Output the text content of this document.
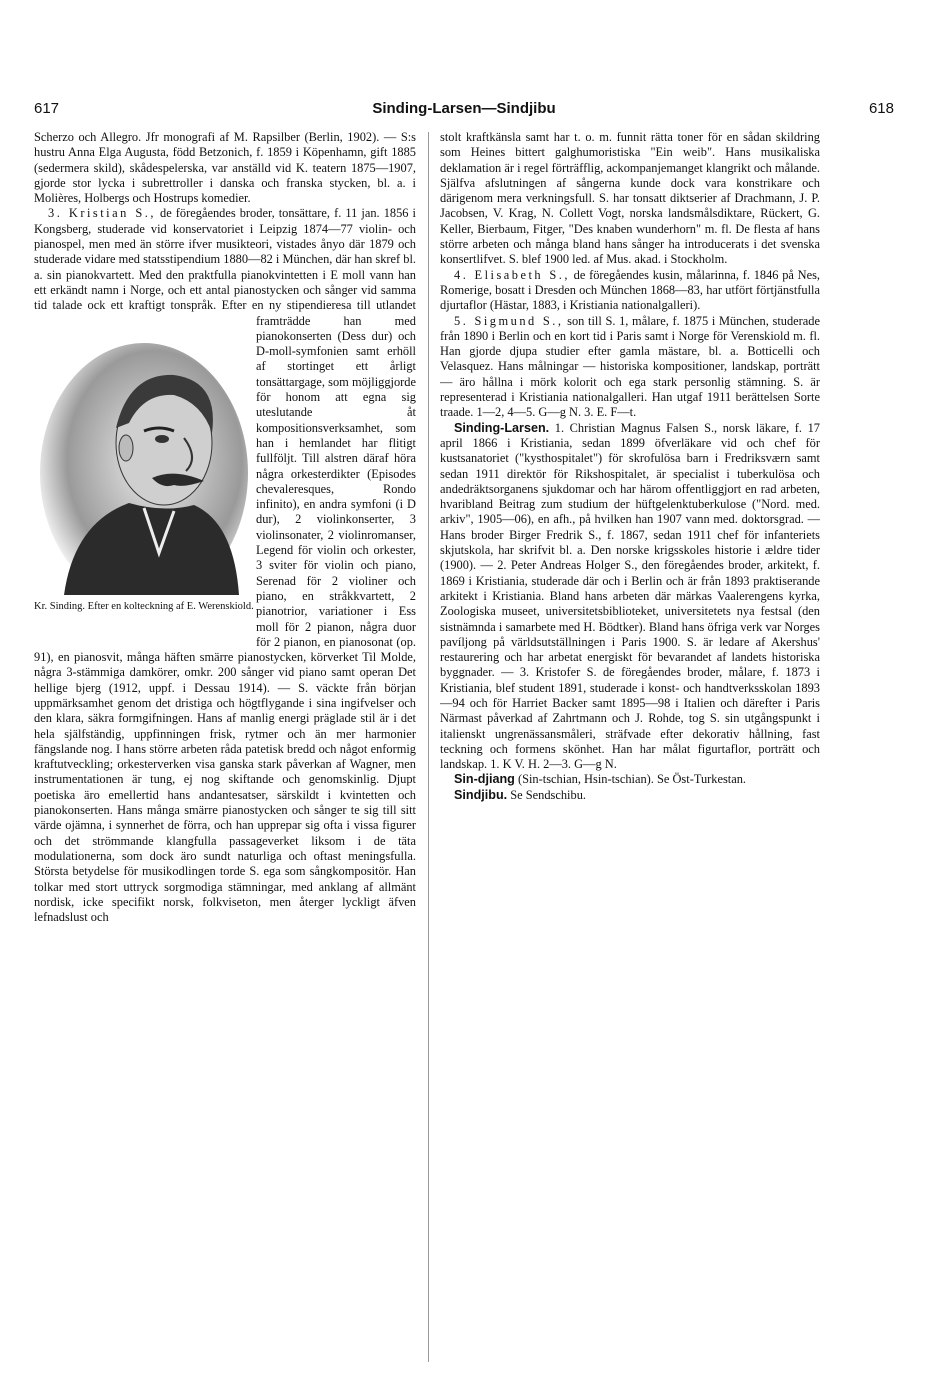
617	Sinding-Larsen—Sindjibu	618

Scherzo och Allegro. Jfr monografi af M. Rapsilber (Berlin, 1902). — S:s hustru Anna Elga Augusta, född Betzonich, f. 1859 i Köpenhamn, gift 1885 (sedermera skild), skådespelerska, var anställd vid K. teatern 1875—1907, gjorde stor lycka i subrettroller i danska och franska stycken, bl. a. i Molières, Holbergs och Hostrups komedier.

3. Kristian S., de föregåendes broder, tonsättare, f. 11 jan. 1856 i Kongsberg, studerade vid konservatoriet i Leipzig 1874—77 violin- och pianospel, men med än större ifver musikteori, vistades ånyo där 1879 och studerade vidare med statsstipendium 1880—82 i München, där han skref bl. a. sin pianokvartett. Med den praktfulla pianokvintetten i E moll vann han ett erkändt namn i Norge, och ett antal pianostycken och sånger vid samma tid talade ock ett kraftigt tonspråk. Efter en ny stipendieresa till utlandet framträdde han med pianokonserten (Dess dur) och D-moll-symfonien samt erhöll af stortinget ett årligt tonsättargage, som möjliggjorde för honom att egna sig uteslutande åt kompositionsverksamhet, som han i hemlandet har flitigt fullföljt. Till alstren däraf höra några orkesterdikter (Episodes chevaleresques, Rondo infinito), en andra symfoni (i D dur), 2 violinkonserter, 3 violinsonater, 2 violinromanser, Legend för violin och orkester, 3 sviter för violin och piano, Serenad för 2 violiner och piano, en stråkkvartett, 2 pianotrior, variationer i Ess moll för 2 pianon, några duor för 2 pianon, en pianosonat (op. 91), en pianosvit, många häften smärre pianostycken, körverket Til Molde, några 3-stämmiga damkörer, omkr. 200 sånger vid piano samt operan Det hellige bjerg (1912, uppf. i Dessau 1914). — S. väckte från början uppmärksamhet genom det dristiga och högtflygande i sina ingifvelser och den klara, säkra formgifningen. Hans af manlig energi präglade stil är i det hela själfständig, uppfinningen frisk, rytmer och än mer harmonier fängslande nog. I hans större arbeten råda patetisk bredd och något enformig kraftutveckling; orkesterverken visa ganska stark påverkan af Wagner, men instrumentationen är tung, ej nog skiftande och genomskinlig. Djupt poetiska äro emellertid hans andantesatser, särskildt i kvintetten och pianokonserten. Hans många smärre pianostycken och sånger te sig till sitt värde ojämna, i synnerhet de förra, och han upprepar sig ofta i vissa figurer och det strömmande klangfulla passageverket liksom i de täta modulationerna, som dock äro sundt naturliga och oftast meningsfulla. Största betydelse för musikodlingen torde S. ega som sångkompositör. Han tolkar med stort uttryck sorgmodiga stämningar, med anklang af allmänt nordisk, icke specifikt norsk, folkviseton, men återger lyckligt äfven lefnadslust och

stolt kraftkänsla samt har t. o. m. funnit rätta toner för en sådan skildring som Heines bittert galghumoristiska "Ein weib". Hans musikaliska deklamation är i regel förträfflig, ackompanjemanget klangrikt och målande. Själfva afslutningen af sångerna kunde dock vara konstrikare och därigenom mera verkningsfull. S. har tonsatt diktserier af Drachmann, J. P. Jacobsen, V. Krag, N. Collett Vogt, norska landsmålsdiktare, Rückert, G. Keller, Bierbaum, Fitger, "Des knaben wunderhorn" m. fl. De flesta af hans större arbeten och många bland hans sånger ha introducerats i det svenska konsertlifvet. S. blef 1900 led. af Mus. akad. i Stockholm.

4. Elisabeth S., de föregåendes kusin, målarinna, f. 1846 på Nes, Romerige, bosatt i Dresden och München 1868—83, har utfört förtjänstfulla djurtaflor (Hästar, 1883, i Kristiania nationalgalleri).

5. Sigmund S., son till S. 1, målare, f. 1875 i München, studerade från 1890 i Berlin och en kort tid i Paris samt i Norge för Verenskiold m. fl. Han gjorde djupa studier efter gamla mästare, bl. a. Botticelli och Velasquez. Hans målningar — historiska kompositioner, landskap, porträtt — äro hållna i mörk kolorit och ega stark personlig stämning. S. är representerad i Kristiania nationalgalleri. Han utgaf 1911 berättelsen Sorte traade. 1—2, 4—5. G—g N. 3. E. F—t.

Sinding-Larsen. 1. Christian Magnus Falsen S., norsk läkare, f. 17 april 1866 i Kristiania, sedan 1899 öfverläkare vid och chef för kustsanatoriet ("kysthospitalet") för skrofulösa barn i Fredriksværn samt sedan 1911 direktör för Rikshospitalet, är specialist i tuberkulösa och andedräktsorganens sjukdomar och har härom offentliggjort en rad arbeten, hvaribland Beitrag zum studium der hüftgelenktuberkulose ("Nord. med. arkiv", 1905—06), en afh., på hvilken han 1907 vann med. doktorsgrad. — Hans broder Birger Fredrik S., f. 1867, sedan 1911 chef för infanteriets skjutskola, har skrifvit bl. a. Den norske krigsskoles historie i ældre tider (1900). — 2. Peter Andreas Holger S., den föregåendes broder, arkitekt, f. 1869 i Kristiania, studerade där och i Berlin och är från 1893 praktiserande arkitekt i Kristiania. Bland hans arbeten där märkas Vaalerengens kyrka, Zoologiska museet, universitetsbiblioteket, universitetets nya festsal (den sistnämnda i samarbete med H. Bödtker). Bland hans öfriga verk var Norges pavíljong på världsutställningen i Paris 1900. S. är ledare af Akershus' restaurering och har arbetat energiskt för bevarandet af landets historiska byggnader. — 3. Kristofer S. de föregåendes broder, målare, f. 1873 i Kristiania, blef student 1891, studerade i konst- och handtverksskolan 1893—94 och för Harriet Backer samt 1895—98 i Italien och därefter i Paris Närmast påverkad af Zahrtmann och J. Rohde, tog S. sin utgångspunkt i italienskt ungrenässansmåleri, sträfvade efter dekorativ hållning, fast teckning och formens skönhet. Han har målat figurtaflor, porträtt och landskap. 1. K V. H. 2—3. G—g N.

Sin-djiang (Sin-tschian, Hsin-tschian). Se Öst-Turkestan.

Sindjibu. Se Sendschibu.

Kr. Sinding. Efter en kolteckning af E. Werenskiold.
